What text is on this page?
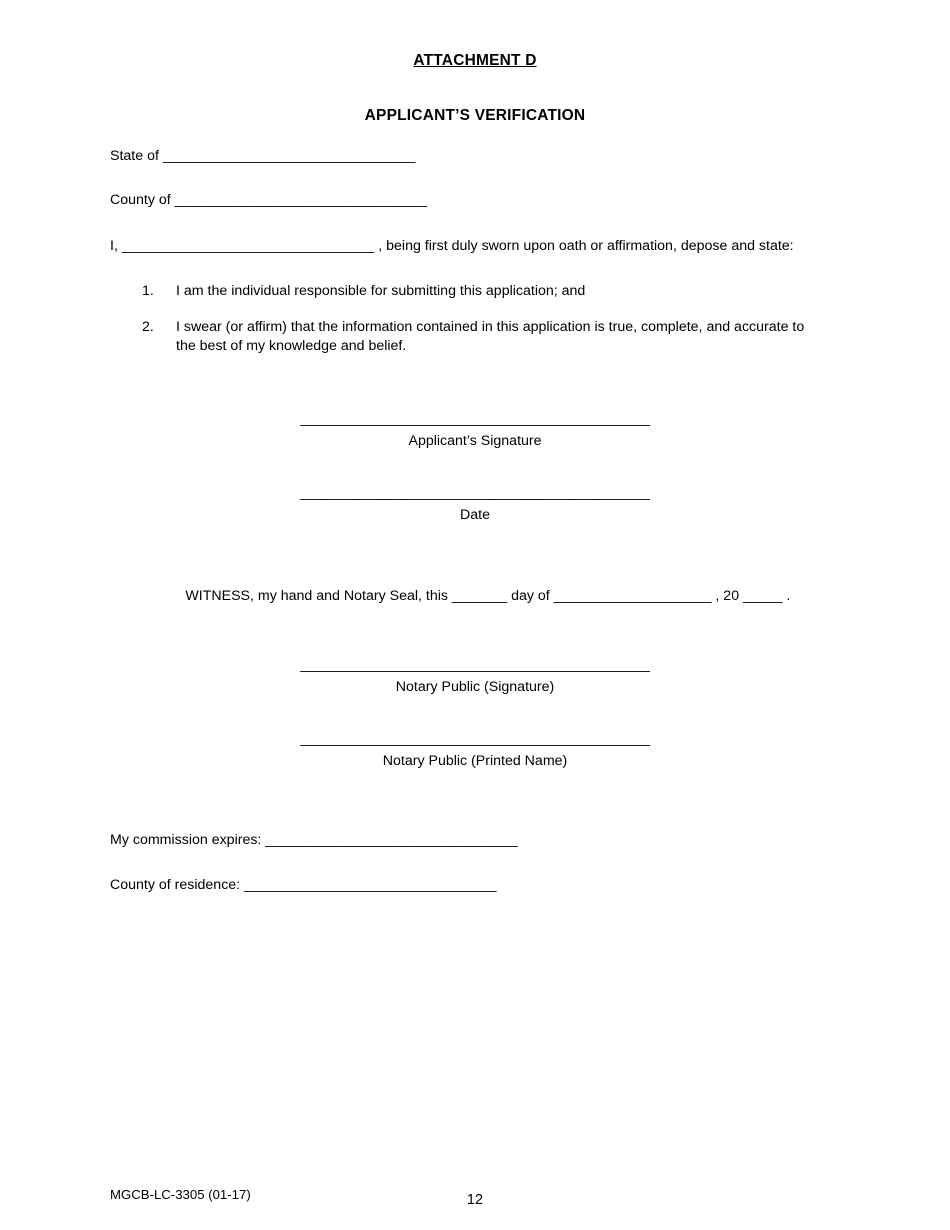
ATTACHMENT D
APPLICANT’S VERIFICATION
State of ________________________________
County of ________________________________
I, ________________________________ , being first duly sworn upon oath or affirmation, depose and state:
1.	I am the individual responsible for submitting this application; and
2.	I swear (or affirm) that the information contained in this application is true, complete, and accurate to the best of my knowledge and belief.
______________________________________________
Applicant’s Signature
______________________________________________
Date

WITNESS, my hand and Notary Seal, this _______ day of ____________________ , 20 _____ .

______________________________________________
Notary Public (Signature)
______________________________________________
Notary Public (Printed Name)
My commission expires: ________________________________
County of residence: ________________________________
MGCB-LC-3305 (01-17)	12
